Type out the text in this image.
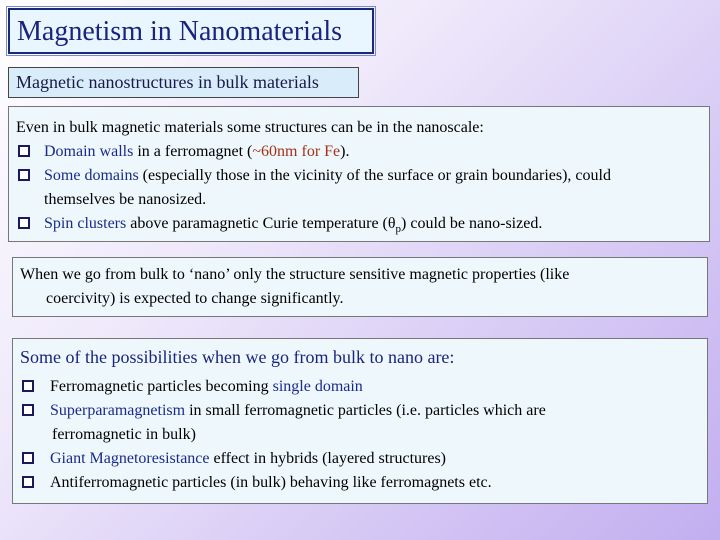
Magnetism in Nanomaterials
Magnetic nanostructures in bulk materials
Even in bulk magnetic materials some structures can be in the nanoscale:
Domain walls in a ferromagnet (~60nm for Fe).
Some domains (especially those in the vicinity of the surface or grain boundaries), could
themselves be nanosized.
Spin clusters above paramagnetic Curie temperature $(\theta_p)$ could be nano-sized.
When we go from bulk to ‘nano’ only the structure sensitive magnetic properties (like
coercivity) is expected to change significantly.
Some of the possibilities when we go from bulk to nano are:
Ferromagnetic particles becoming single domain
Superparamagnetism in small ferromagnetic particles (i.e. particles which are
ferromagnetic in bulk)
Giant Magnetoresistance effect in hybrids (layered structures)
Antiferromagnetic particles (in bulk) behaving like ferromagnets etc.
